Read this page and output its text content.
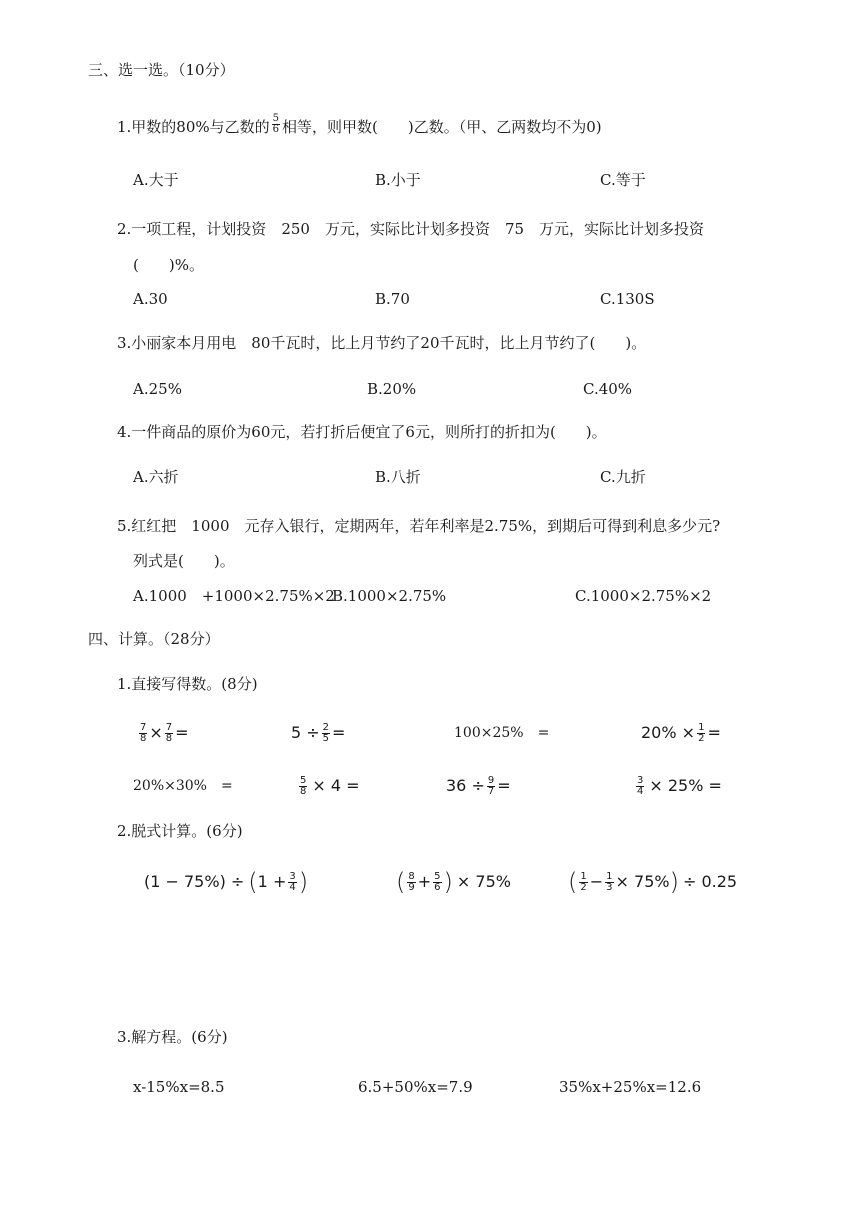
三、选一选。（10分）
1.甲数的80%与乙数的 $\frac{5}{6}$ 相等，则甲数(　　)乙数。（甲、乙两数均不为0)
A.大于	B.小于	C.等于
2.一项工程，计划投资　250　万元，实际比计划多投资　75　万元，实际比计划多投资
(　　)%。
A.30	B.70	C.130S
3.小丽家本月用电　80千瓦时，比上月节约了20千瓦时，比上月节约了(　　)。
A.25%	B.20%	C.40%
4.一件商品的原价为60元，若打折后便宜了6元，则所打的折扣为(　　)。
A.六折	B.八折	C.九折
5.红红把　1000　元存入银行，定期两年，若年利率是2.75%，到期后可得到利息多少元?
列式是(　　)。
A.1000　+1000×2.75%×2
B.1000×2.75%	C.1000×2.75%×2
四、计算。（28分）
1.直接写得数。(8分)
$\frac{7}{8} \times \frac{7}{8}$ =	$5 \div \frac{2}{5}$ =	100×25%　=	$20\% \times \frac{1}{2}$ =
20%×30%　=	$\frac{5}{8} \times 4$ =	$36 \div \frac{9}{7}$ =	$\frac{3}{4} \times 25\%$ =
2.脱式计算。(6分)
(1 − 75%) ÷ ( $1 + \frac{3}{4}$ )	( $\frac{8}{9} + \frac{5}{6}$ ) × 75% ( $\frac{1}{2} - \frac{1}{3} \times 75\%$ ) ÷ 0.25
3.解方程。(6分)
x-15%x=8.5	6.5+50%x=7.9	35%x+25%x=12.6
